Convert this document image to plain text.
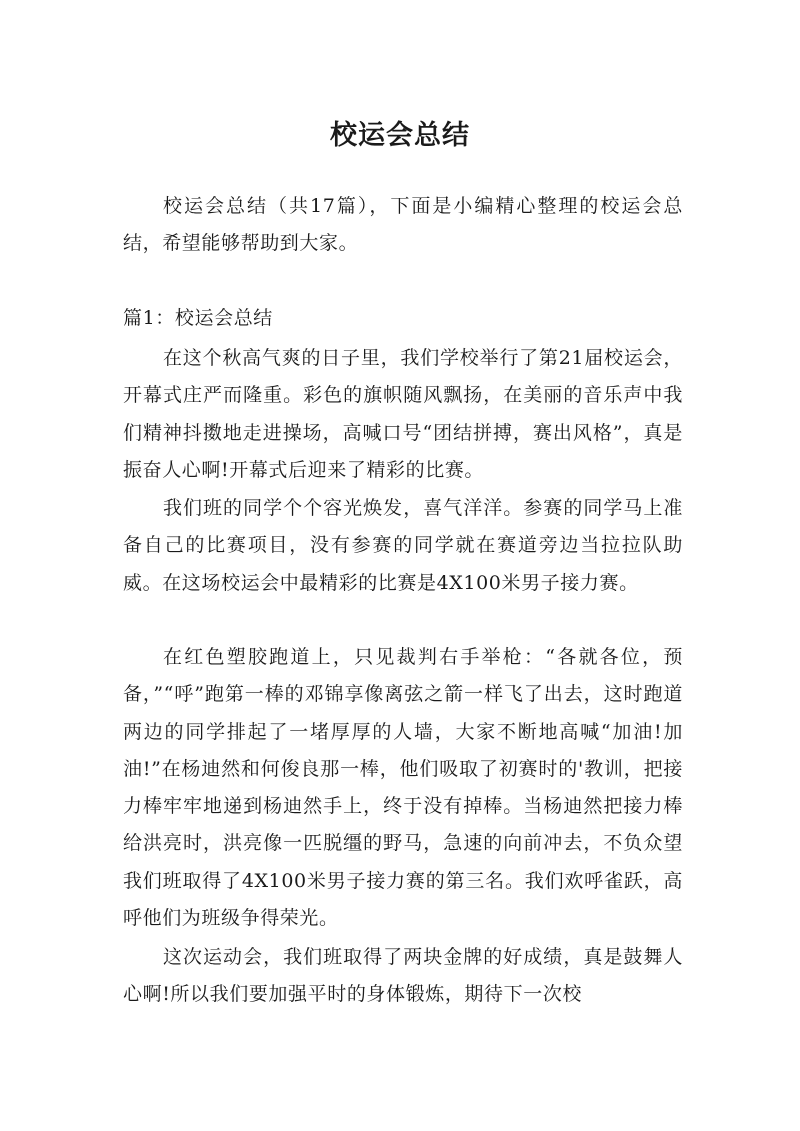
校运会总结

校运会总结（共17篇），下面是小编精心整理的校运会总结，希望能够帮助到大家。

篇1：校运会总结

在这个秋高气爽的日子里，我们学校举行了第21届校运会，开幕式庄严而隆重。彩色的旗帜随风飘扬，在美丽的音乐声中我们精神抖擞地走进操场，高喊口号“团结拼搏，赛出风格”，真是振奋人心啊!开幕式后迎来了精彩的比赛。

我们班的同学个个容光焕发，喜气洋洋。参赛的同学马上准备自己的比赛项目，没有参赛的同学就在赛道旁边当拉拉队助威。在这场校运会中最精彩的比赛是4X100米男子接力赛。

在红色塑胶跑道上，只见裁判右手举枪：“各就各位，预备，”“呼”跑第一棒的邓锦享像离弦之箭一样飞了出去，这时跑道两边的同学排起了一堵厚厚的人墙，大家不断地高喊“加油!加油!”在杨迪然和何俊良那一棒，他们吸取了初赛时的'教训，把接力棒牢牢地递到杨迪然手上，终于没有掉棒。当杨迪然把接力棒给洪亮时，洪亮像一匹脱缰的野马，急速的向前冲去，不负众望我们班取得了4X100米男子接力赛的第三名。我们欢呼雀跃，高呼他们为班级争得荣光。

这次运动会，我们班取得了两块金牌的好成绩，真是鼓舞人心啊!所以我们要加强平时的身体锻炼，期待下一次校
